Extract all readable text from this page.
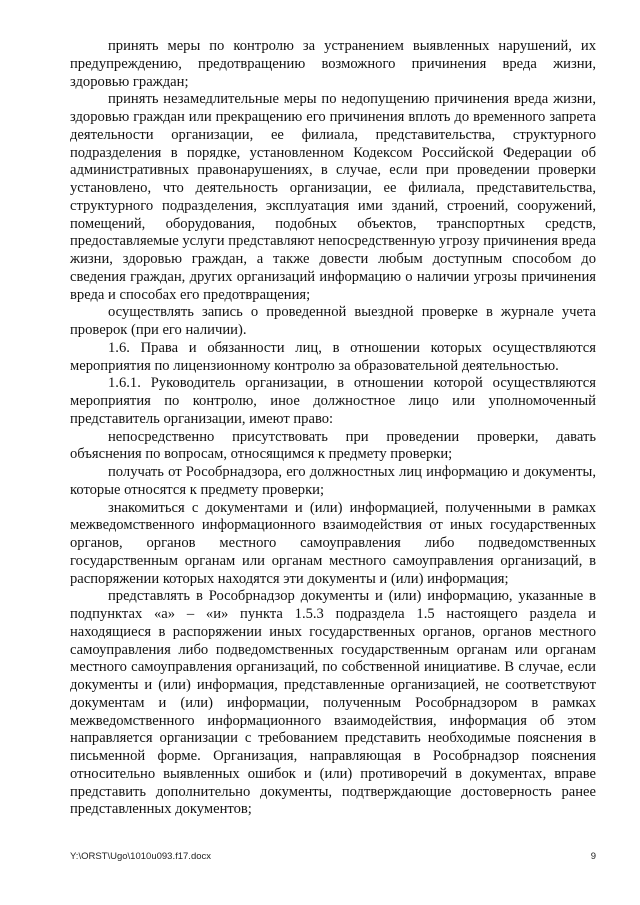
принять меры по контролю за устранением выявленных нарушений, их предупреждению, предотвращению возможного причинения вреда жизни, здоровью граждан;

принять незамедлительные меры по недопущению причинения вреда жизни, здоровью граждан или прекращению его причинения вплоть до временного запрета деятельности организации, ее филиала, представительства, структурного подразделения в порядке, установленном Кодексом Российской Федерации об административных правонарушениях, в случае, если при проведении проверки установлено, что деятельность организации, ее филиала, представительства, структурного подразделения, эксплуатация ими зданий, строений, сооружений, помещений, оборудования, подобных объектов, транспортных средств, предоставляемые услуги представляют непосредственную угрозу причинения вреда жизни, здоровью граждан, а также довести любым доступным способом до сведения граждан, других организаций информацию о наличии угрозы причинения вреда и способах его предотвращения;

осуществлять запись о проведенной выездной проверке в журнале учета проверок (при его наличии).

1.6. Права и обязанности лиц, в отношении которых осуществляются мероприятия по лицензионному контролю за образовательной деятельностью.

1.6.1. Руководитель организации, в отношении которой осуществляются мероприятия по контролю, иное должностное лицо или уполномоченный представитель организации, имеют право:

непосредственно присутствовать при проведении проверки, давать объяснения по вопросам, относящимся к предмету проверки;

получать от Рособрнадзора, его должностных лиц информацию и документы, которые относятся к предмету проверки;

знакомиться с документами и (или) информацией, полученными в рамках межведомственного информационного взаимодействия от иных государственных органов, органов местного самоуправления либо подведомственных государственным органам или органам местного самоуправления организаций, в распоряжении которых находятся эти документы и (или) информация;

представлять в Рособрнадзор документы и (или) информацию, указанные в подпунктах «а» – «и» пункта 1.5.3 подраздела 1.5 настоящего раздела и находящиеся в распоряжении иных государственных органов, органов местного самоуправления либо подведомственных государственным органам или органам местного самоуправления организаций, по собственной инициативе. В случае, если документы и (или) информация, представленные организацией, не соответствуют документам и (или) информации, полученным Рособрнадзором в рамках межведомственного информационного взаимодействия, информация об этом направляется организации с требованием представить необходимые пояснения в письменной форме. Организация, направляющая в Рособрнадзор пояснения относительно выявленных ошибок и (или) противоречий в документах, вправе представить дополнительно документы, подтверждающие достоверность ранее представленных документов;

Y:\ORST\Ugo\1010u093.f17.docx	9
